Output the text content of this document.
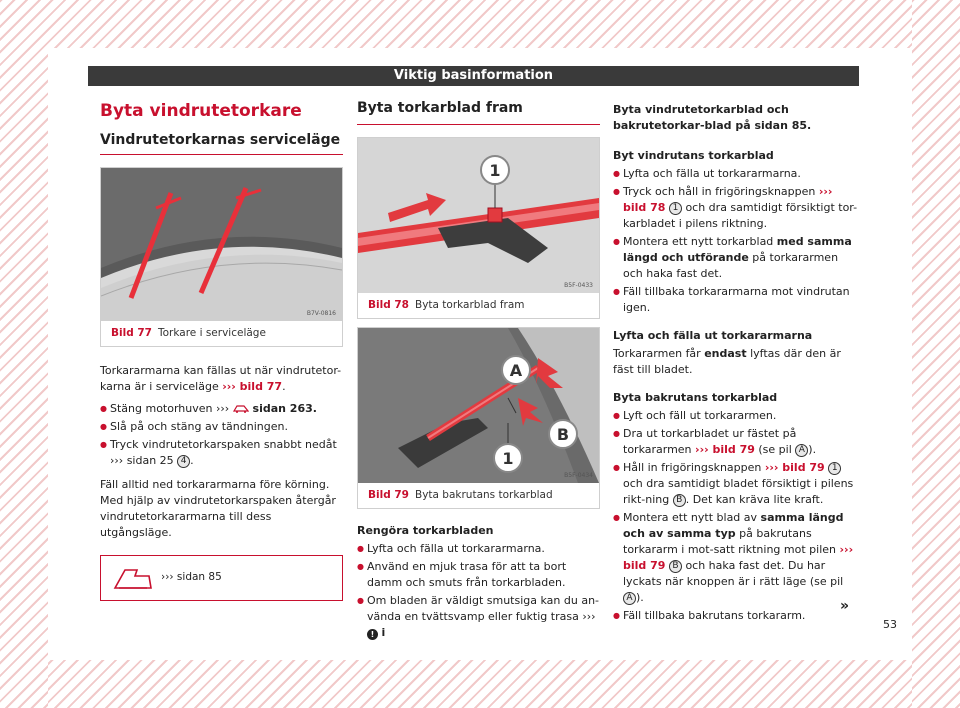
Viktig basinformation
Byta vindrutetorkare
Vindrutetorkarnas serviceläge
B7V-0816
Bild 77 Torkare i serviceläge
Torkararmarna kan fällas ut när vindrutetor-karna är i serviceläge ››› bild 77.
● Stäng motorhuven ›››  sidan 263.
● Slå på och stäng av tändningen.
● Tryck vindrutetorkarspaken snabbt nedåt ››› sidan 25 4 .
Fäll alltid ned torkararmarna före körning. Med hjälp av vindrutetorkarspaken återgår vindrutetorkararmarna till dess utgångsläge.
››› sidan 85
Byta torkarblad fram
1
B5F-0433
Bild 78 Byta torkarblad fram
A
B
1
B5F-0434
Bild 79 Byta bakrutans torkarblad
Rengöra torkarbladen
● Lyfta och fälla ut torkararmarna.
● Använd en mjuk trasa för att ta bort damm och smuts från torkarbladen.
● Om bladen är väldigt smutsiga kan du an-vända en tvättsvamp eller fuktig trasa ››› ! i
Byta vindrutetorkarblad och bakrutetorkar-blad på sidan 85.
Byt vindrutans torkarblad
● Lyfta och fälla ut torkararmarna.
● Tryck och håll in frigöringsknappen ››› bild 78 1 och dra samtidigt försiktigt tor-karbladet i pilens riktning.
● Montera ett nytt torkarblad med samma längd och utförande på torkararmen och haka fast det.
● Fäll tillbaka torkararmarna mot vindrutan igen.
Lyfta och fälla ut torkararmarna
Torkararmen får endast lyftas där den är fäst till bladet.
Byta bakrutans torkarblad
● Lyft och fäll ut torkararmen.
● Dra ut torkarbladet ur fästet på torkararmen ››› bild 79 (se pil A ).
● Håll in frigöringsknappen ››› bild 79 1 och dra samtidigt bladet försiktigt i pilens rikt-ning B . Det kan kräva lite kraft.
● Montera ett nytt blad av samma längd och av samma typ på bakrutans torkararm i mot-satt riktning mot pilen ››› bild 79 B och haka fast det. Du har lyckats när knoppen är i rätt läge (se pil A ).
● Fäll tillbaka bakrutans torkararm.
»
53
